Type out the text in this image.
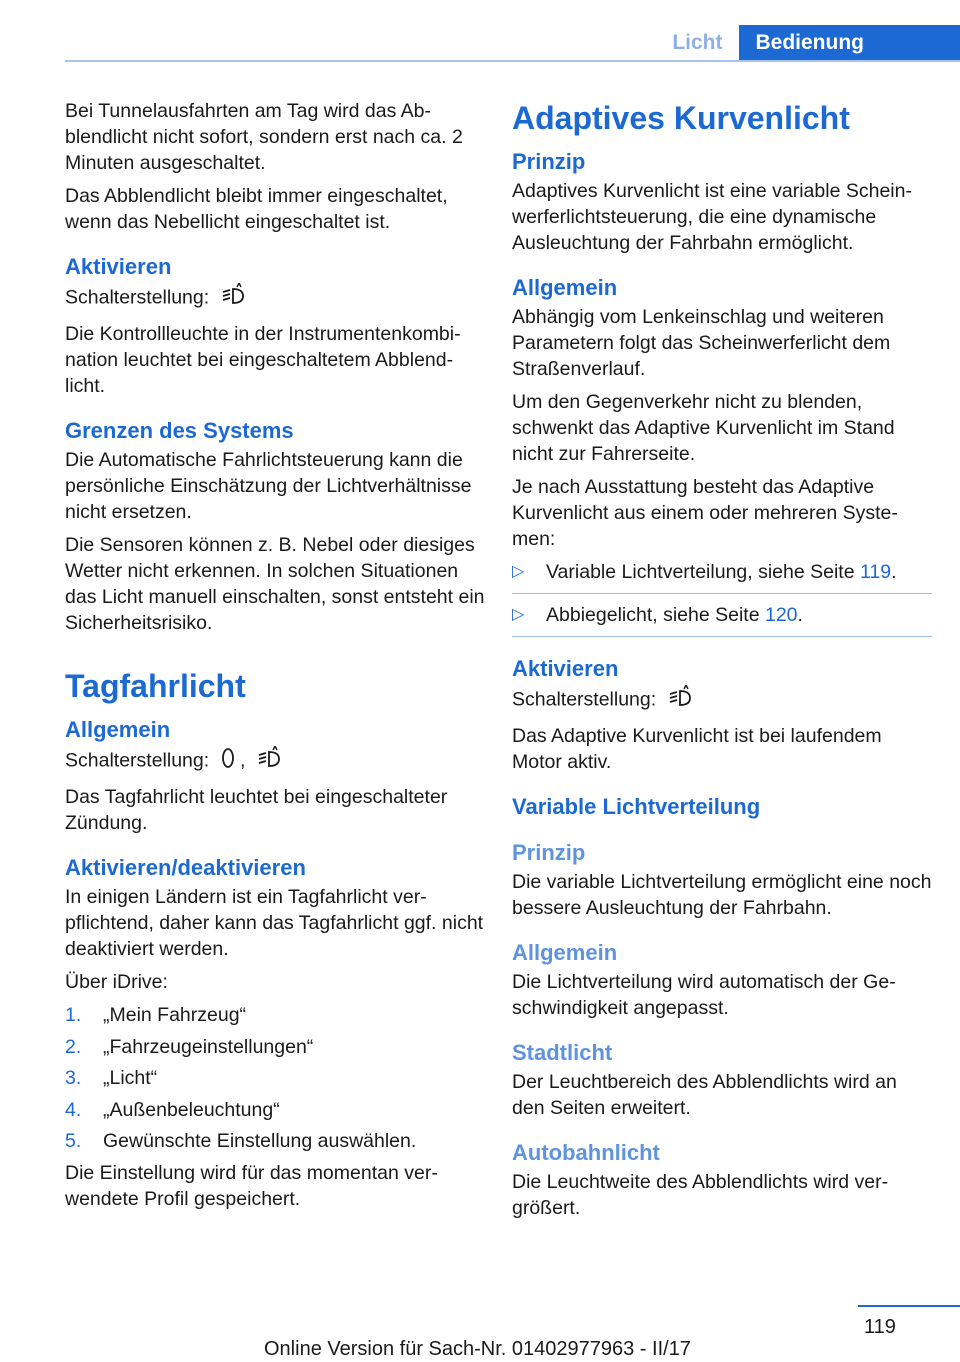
Licht	Bedienung

Bei Tunnelausfahrten am Tag wird das Abblendlicht nicht sofort, sondern erst nach ca. 2 Minuten ausgeschaltet.

Das Abblendlicht bleibt immer eingeschaltet, wenn das Nebellicht eingeschaltet ist.

Aktivieren

Schalterstellung:

Die Kontrollleuchte in der Instrumentenkombination leuchtet bei eingeschaltetem Abblendlicht.

Grenzen des Systems

Die Automatische Fahrlichtsteuerung kann die persönliche Einschätzung der Lichtverhältnisse nicht ersetzen.

Die Sensoren können z. B. Nebel oder diesiges Wetter nicht erkennen. In solchen Situationen das Licht manuell einschalten, sonst entsteht ein Sicherheitsrisiko.

Tagfahrlicht
Allgemein

Schalterstellung: ,

Das Tagfahrlicht leuchtet bei eingeschalteter Zündung.

Aktivieren/deaktivieren

In einigen Ländern ist ein Tagfahrlicht verpflichtend, daher kann das Tagfahrlicht ggf. nicht deaktiviert werden.

Über iDrive:

1. „Mein Fahrzeug“
2. „Fahrzeugeinstellungen“
3. „Licht“
4. „Außenbeleuchtung“
5. Gewünschte Einstellung auswählen.

Die Einstellung wird für das momentan verwendete Profil gespeichert.

Adaptives Kurvenlicht
Prinzip

Adaptives Kurvenlicht ist eine variable Scheinwerferlichtsteuerung, die eine dynamische Ausleuchtung der Fahrbahn ermöglicht.

Allgemein

Abhängig vom Lenkeinschlag und weiteren Parametern folgt das Scheinwerferlicht dem Straßenverlauf.

Um den Gegenverkehr nicht zu blenden, schwenkt das Adaptive Kurvenlicht im Stand nicht zur Fahrerseite.

Je nach Ausstattung besteht das Adaptive Kurvenlicht aus einem oder mehreren Systemen:

▷ Variable Lichtverteilung, siehe Seite 119.
▷ Abbiegelicht, siehe Seite 120.
Aktivieren

Schalterstellung:

Das Adaptive Kurvenlicht ist bei laufendem Motor aktiv.

Variable Lichtverteilung
Prinzip

Die variable Lichtverteilung ermöglicht eine noch bessere Ausleuchtung der Fahrbahn.

Allgemein

Die Lichtverteilung wird automatisch der Geschwindigkeit angepasst.

Stadtlicht

Der Leuchtbereich des Abblendlichts wird an den Seiten erweitert.

Autobahnlicht

Die Leuchtweite des Abblendlichts wird vergrößert.

119
Online Version für Sach-Nr. 01402977963 - II/17
